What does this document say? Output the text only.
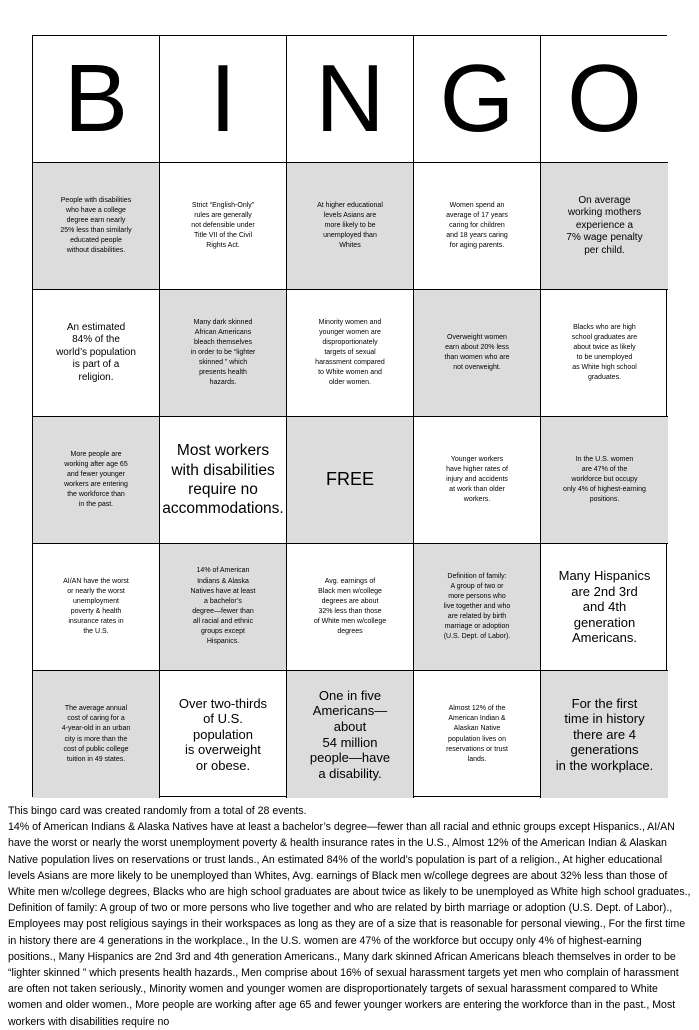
B I N G O
People with disabilities
who have a college
degree earn nearly
25% less than similarly
educated people
without disabilities.
Strict “English-Only”
rules are generally
not defensible under
Title VII of the Civil
Rights Act.
At higher educational
levels Asians are
more likely to be
unemployed than
Whites
Women spend an
average of 17 years
caring for children
and 18 years caring
for aging parents.
On average
working mothers
experience a
7% wage penalty
per child.
An estimated
84% of the
world’s population
is part of a
religion.
Many dark skinned
African Americans
bleach themselves
in order to be “lighter
skinned ” which
presents health
hazards.
Minority women and
younger women are
disproportionately
targets of sexual
harassment compared
to White women and
older women.
Overweight women
earn about 20% less
than women who are
not overweight.
Blacks who are high
school graduates are
about twice as likely
to be unemployed
as White high school
graduates.
More people are
working after age 65
and fewer younger
workers are entering
the workforce than
in the past.
Most workers
with disabilities
require no
accommodations.
FREE
Younger workers
have higher rates of
injury and accidents
at work than older
workers.
In the U.S. women
are 47% of the
workforce but occupy
only 4% of highest-earning
positions.
AI/AN have the worst
or nearly the worst
unemployment
poverty & health
insurance rates in
the U.S.
14% of American
Indians & Alaska
Natives have at least
a bachelor’s
degree—fewer than
all racial and ethnic
groups except
Hispanics.
Avg. earnings of
Black men w/college
degrees are about
32% less than those
of White men w/college
degrees
Definition of family:
A group of two or
more persons who
live together and who
are related by birth
marriage or adoption
(U.S. Dept. of Labor).
Many Hispanics
are 2nd 3rd
and 4th
generation
Americans.
The average annual
cost of caring for a
4-year-old in an urban
city is more than the
cost of public college
tuition in 49 states.
Over two-thirds
of U.S.
population
is overweight
or obese.
One in five
Americans—about
54 million
people—have
a disability.
Almost 12% of the
American Indian &
Alaskan Native
population lives on
reservations or trust
lands.
For the first
time in history
there are 4
generations
in the workplace.

This bingo card was created randomly from a total of 28 events.

14% of American Indians & Alaska Natives have at least a bachelor’s degree—fewer than all racial and ethnic groups except Hispanics., AI/AN have the worst or nearly the worst unemployment poverty & health insurance rates in the U.S., Almost 12% of the American Indian & Alaskan Native population lives on reservations or trust lands., An estimated 84% of the world’s population is part of a religion., At higher educational levels Asians are more likely to be unemployed than Whites, Avg. earnings of Black men w/college degrees are about 32% less than those of White men w/college degrees, Blacks who are high school graduates are about twice as likely to be unemployed as White high school graduates., Definition of family: A group of two or more persons who live together and who are related by birth marriage or adoption (U.S. Dept. of Labor)., Employees may post religious sayings in their workspaces as long as they are of a size that is reasonable for personal viewing., For the first time in history there are 4 generations in the workplace., In the U.S. women are 47% of the workforce but occupy only 4% of highest-earning positions., Many Hispanics are 2nd 3rd and 4th generation Americans., Many dark skinned African Americans bleach themselves in order to be “lighter skinned ” which presents health hazards., Men comprise about 16% of sexual harassment targets yet men who complain of harassment are often not taken seriously., Minority women and younger women are disproportionately targets of sexual harassment compared to White women and older women., More people are working after age 65 and fewer younger workers are entering the workforce than in the past., Most workers with disabilities require no
